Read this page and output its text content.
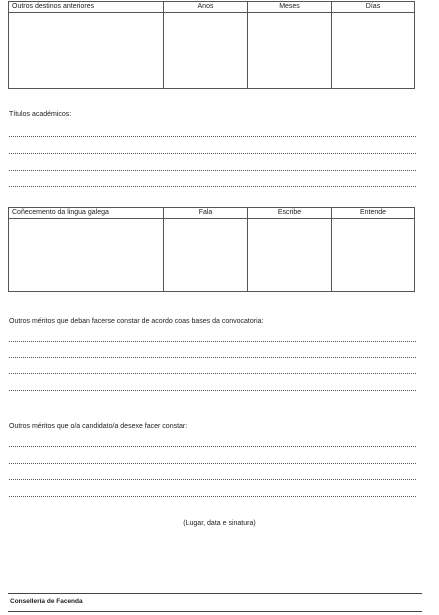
Outros destinos anteriores	Anos	Meses	Días

Títulos académicos:
Coñecemento da lingua galega	Fala	Escribe	Entende

Outros méritos que deban facerse constar de acordo coas bases da convocatoria:
Outros méritos que o/a candidato/a desexe facer constar:
(Lugar, data e sinatura)
Consellería de Facenda
